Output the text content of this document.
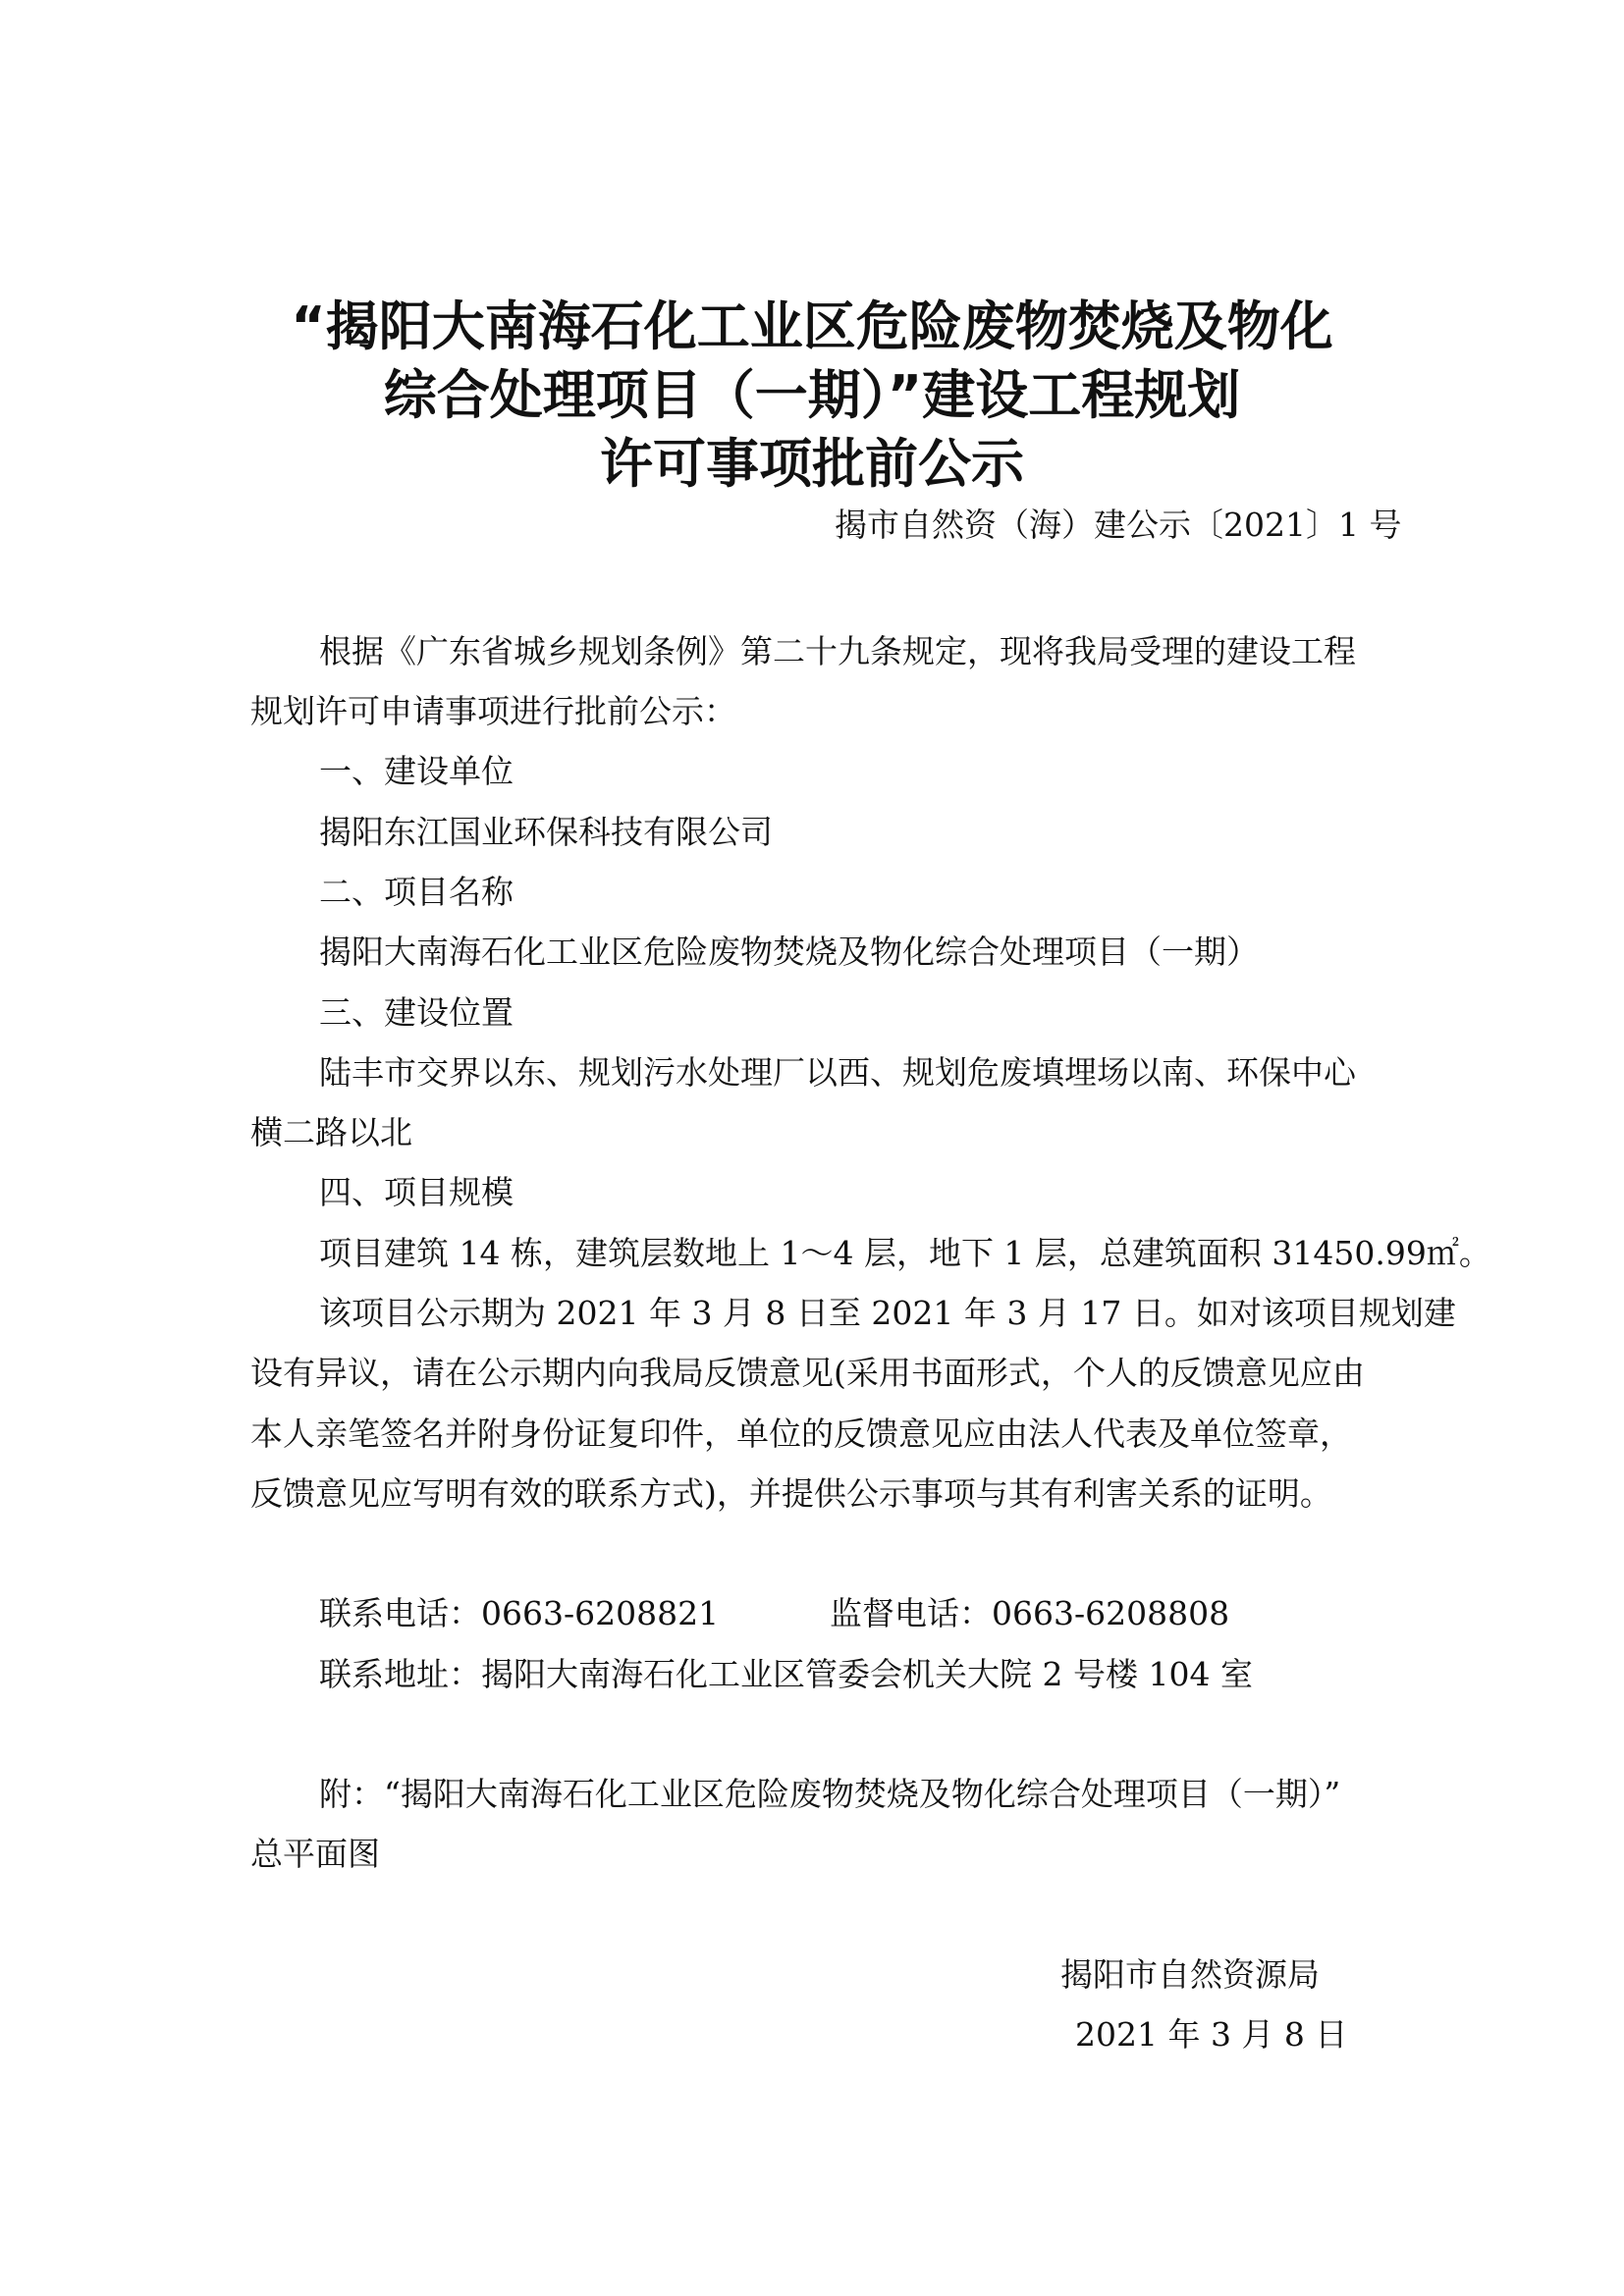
“揭阳大南海石化工业区危险废物焚烧及物化
综合处理项目（一期）”建设工程规划
许可事项批前公示
揭市自然资（海）建公示〔2021〕1 号
根据《广东省城乡规划条例》第二十九条规定，现将我局受理的建设工程
规划许可申请事项进行批前公示：
一、建设单位
揭阳东江国业环保科技有限公司
二、项目名称
揭阳大南海石化工业区危险废物焚烧及物化综合处理项目（一期）
三、建设位置
陆丰市交界以东、规划污水处理厂以西、规划危废填埋场以南、环保中心
横二路以北
四、项目规模
项目建筑 14 栋，建筑层数地上 1～4 层，地下 1 层，总建筑面积 31450.99㎡。
该项目公示期为 2021 年 3 月 8 日至 2021 年 3 月 17 日。如对该项目规划建
设有异议，请在公示期内向我局反馈意见(采用书面形式，个人的反馈意见应由
本人亲笔签名并附身份证复印件，单位的反馈意见应由法人代表及单位签章，
反馈意见应写明有效的联系方式)，并提供公示事项与其有利害关系的证明。
联系电话：0663-6208821	监督电话：0663-6208808
联系地址：揭阳大南海石化工业区管委会机关大院 2 号楼 104 室
附：“揭阳大南海石化工业区危险废物焚烧及物化综合处理项目（一期）”
总平面图
揭阳市自然资源局
2021 年 3 月 8 日
